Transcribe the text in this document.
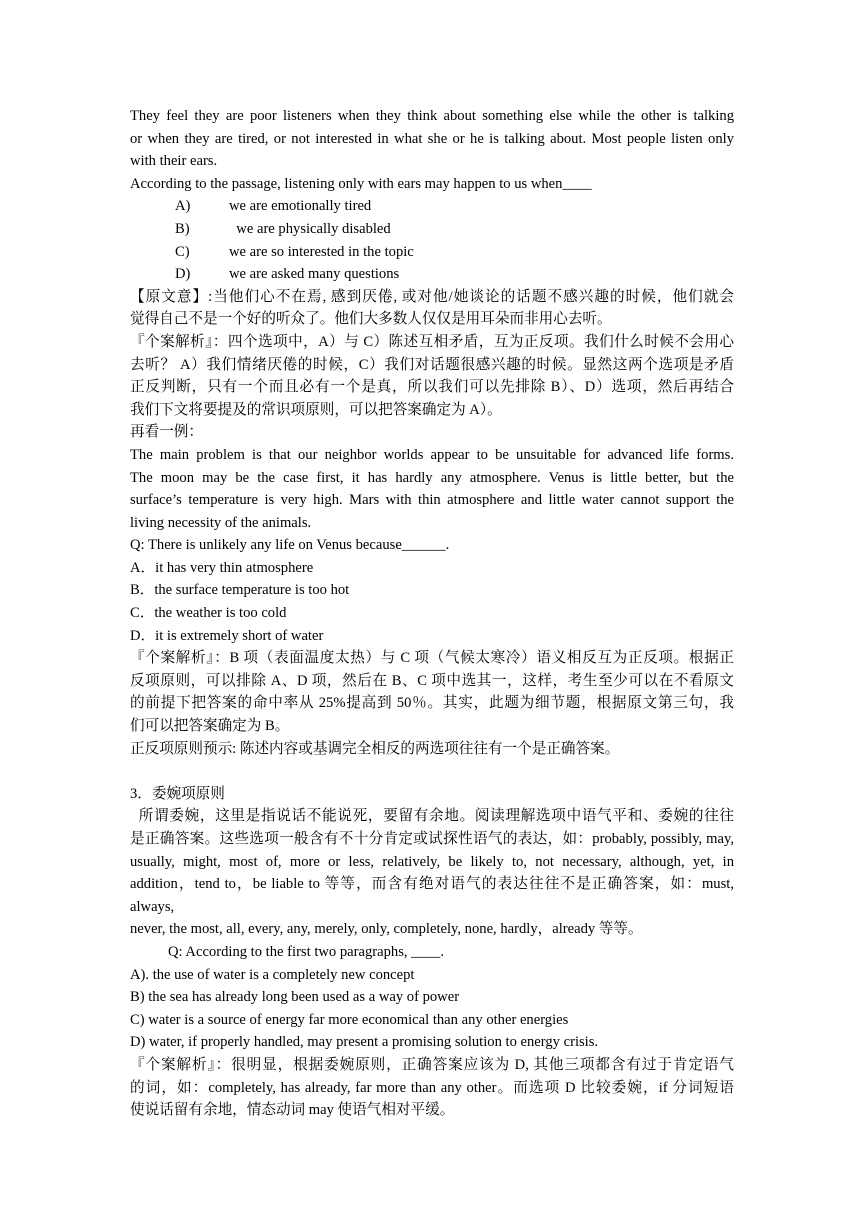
They feel they are poor listeners when they think about something else while the other is talking
or when they are tired, or not interested in what she or he is talking about. Most people listen only
with their ears.
According to the passage, listening only with ears may happen to us when____
A)	we are emotionally tired
B)	we are physically disabled
C)	we are so interested in the topic
D)	we are asked many questions
【原文意】:当他们心不在焉, 感到厌倦, 或对他/她谈论的话题不感兴趣的时候，他们就会
觉得自己不是一个好的听众了。他们大多数人仅仅是用耳朵而非用心去听。
『个案解析』：四个选项中，A）与 C）陈述互相矛盾，互为正反项。我们什么时候不会用心
去听？ A）我们情绪厌倦的时候，C）我们对话题很感兴趣的时候。显然这两个选项是矛盾
正反判断，只有一个而且必有一个是真，所以我们可以先排除 B）、D）选项，然后再结合
我们下文将要提及的常识项原则，可以把答案确定为 A）。
再看一例：
The main problem is that our neighbor worlds appear to be unsuitable for advanced life forms.
The moon may be the case first, it has hardly any atmosphere. Venus is little better, but the
surface’s temperature is very high. Mars with thin atmosphere and little water cannot support the
living necessity of the animals.
Q: There is unlikely any life on Venus because______.
A．it has very thin atmosphere
B．the surface temperature is too hot
C．the weather is too cold
D．it is extremely short of water
『个案解析』：B 项（表面温度太热）与 C 项（气候太寒冷）语义相反互为正反项。根据正
反项原则，可以排除 A、D 项，然后在 B、C 项中选其一，这样，考生至少可以在不看原文
的前提下把答案的命中率从 25%提高到 50％。其实，此题为细节题，根据原文第三句，我
们可以把答案确定为 B。
正反项原则预示: 陈述内容或基调完全相反的两选项往往有一个是正确答案。
3．委婉项原则
所谓委婉，这里是指说话不能说死，要留有余地。阅读理解选项中语气平和、委婉的往往
是正确答案。这些选项一般含有不十分肯定或试探性语气的表达，如：probably, possibly, may,
usually, might, most of, more or less, relatively, be likely to, not necessary, although, yet, in
addition，tend to，be liable to 等等，而含有绝对语气的表达往往不是正确答案，如：must, always,
never, the most, all, every, any, merely, only, completely, none, hardly，already 等等。
Q: According to the first two paragraphs, ____.
A). the use of water is a completely new concept
B) the sea has already long been used as a way of power
C) water is a source of energy far more economical than any other energies
D) water, if properly handled, may present a promising solution to energy crisis.
『个案解析』：很明显，根据委婉原则，正确答案应该为 D, 其他三项都含有过于肯定语气
的词，如：completely, has already, far more than any other。而选项 D 比较委婉，if 分词短语
使说话留有余地，情态动词 may 使语气相对平缓。
